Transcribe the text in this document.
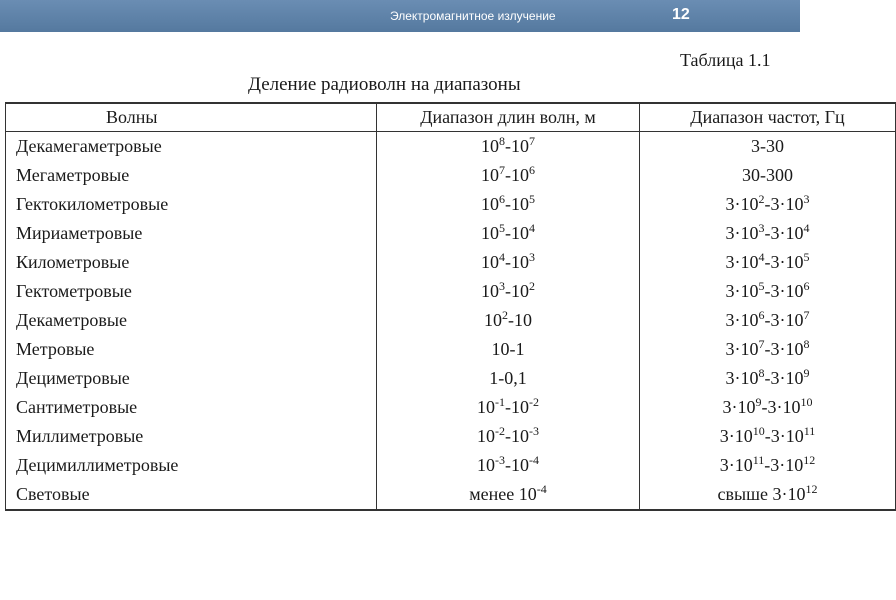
Электромагнитное излучение	12
Таблица 1.1
Деление радиоволн на диапазоны
Волны	Диапазон длин волн, м	Диапазон частот, Гц
Декамегаметровые	$10^8-10^7$	3-30
Мегаметровые	$10^7-10^6$	30-300
Гектокилометровые	$10^6-10^5$	$3\cdot 10^2-3\cdot 10^3$
Мириаметровые	$10^5-10^4$	$3\cdot 10^3-3\cdot 10^4$
Километровые	$10^4-10^3$	$3\cdot 10^4-3\cdot 10^5$
Гектометровые	$10^3-10^2$	$3\cdot 10^5-3\cdot 10^6$
Декаметровые	$10^2-10$	$3\cdot 10^6-3\cdot 10^7$
Метровые	10-1	$3\cdot 10^7-3\cdot 10^8$
Дециметровые	1-0,1	$3\cdot 10^8-3\cdot 10^9$
Сантиметровые	$10^{-1}-10^{-2}$	$3\cdot 10^9-3\cdot 10^{10}$
Миллиметровые	$10^{-2}-10^{-3}$	$3\cdot 10^{10}-3\cdot 10^{11}$
Децимиллиметровые	$10^{-3}-10^{-4}$	$3\cdot 10^{11}-3\cdot 10^{12}$
Световые	менее $10^{-4}$	свыше $3\cdot 10^{12}$
